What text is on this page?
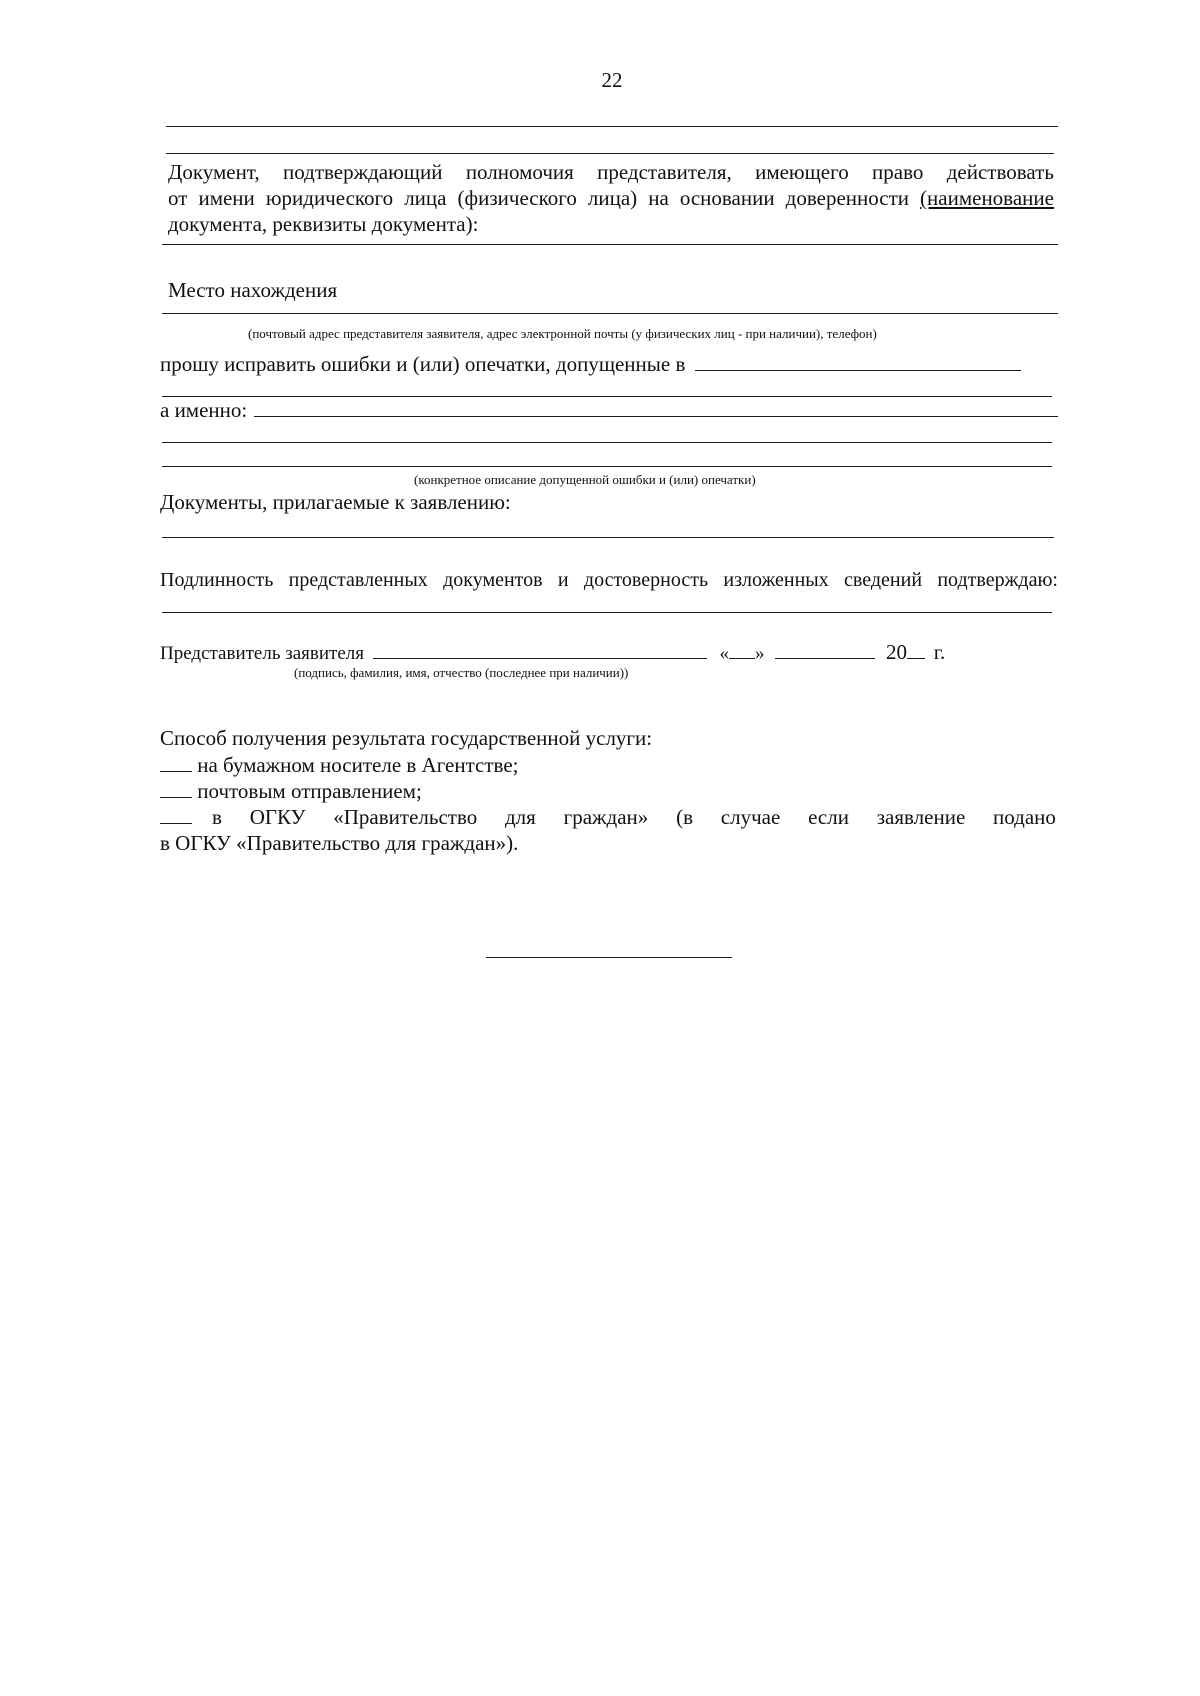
22
Документ, подтверждающий полномочия представителя, имеющего право действовать
от имени юридического лица (физического лица) на основании доверенности (наименование
документа, реквизиты документа):
Место нахождения
(почтовый адрес представителя заявителя, адрес электронной почты (у физических лиц - при наличии), телефон)
прошу исправить ошибки и (или) опечатки, допущенные в
а именно:
(конкретное описание допущенной ошибки и (или) опечатки)
Документы, прилагаемые к заявлению:
Подлинность представленных документов и достоверность изложенных сведений подтверждаю:
Представитель заявителя	« »	20 г.
(подпись, фамилия, имя, отчество (последнее при наличии))
Способ получения результата государственной услуги:
на бумажном носителе в Агентстве;
почтовым отправлением;
в ОГКУ «Правительство для граждан» (в случае если заявление подано
в ОГКУ «Правительство для граждан»).
